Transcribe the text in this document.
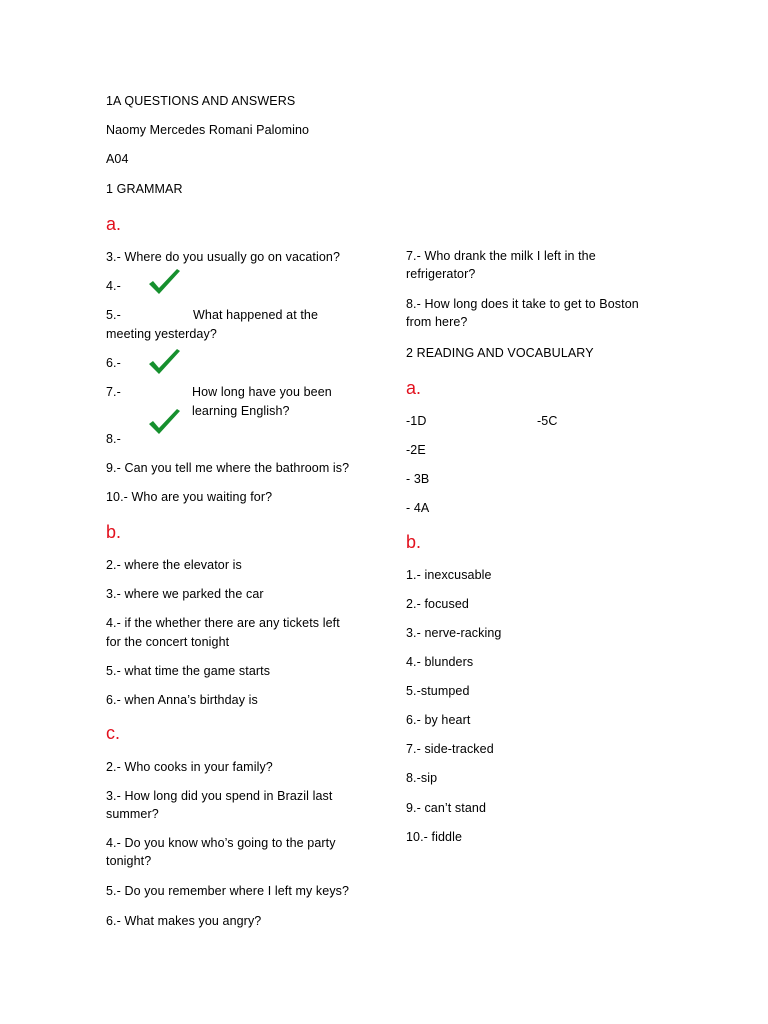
1A QUESTIONS AND ANSWERS
Naomy Mercedes Romani Palomino
A04
1 GRAMMAR
a.
3.- Where do you usually go on vacation?
4.-
5.-	What happened at the
meeting yesterday?
6.-
7.-	How long have you been
learning English?
8.-
9.- Can you tell me where the bathroom is?
10.- Who are you waiting for?
b.
2.- where the elevator is
3.- where we parked the car
4.- if the whether there are any tickets left
for the concert tonight
5.- what time the game starts
6.- when Anna’s birthday is
c.
2.- Who cooks in your family?
3.- How long did you spend in Brazil last
summer?
4.- Do you know who’s going to the party
tonight?
5.- Do you remember where I left my keys?
6.- What makes you angry?
7.- Who drank the milk I left in the
refrigerator?
8.- How long does it take to get to Boston
from here?
2 READING AND VOCABULARY
a.
-1D	-5C
-2E
- 3B
- 4A
b.
1.- inexcusable
2.- focused
3.- nerve-racking
4.- blunders
5.-stumped
6.- by heart
7.- side-tracked
8.-sip
9.- can’t stand
10.- fiddle
